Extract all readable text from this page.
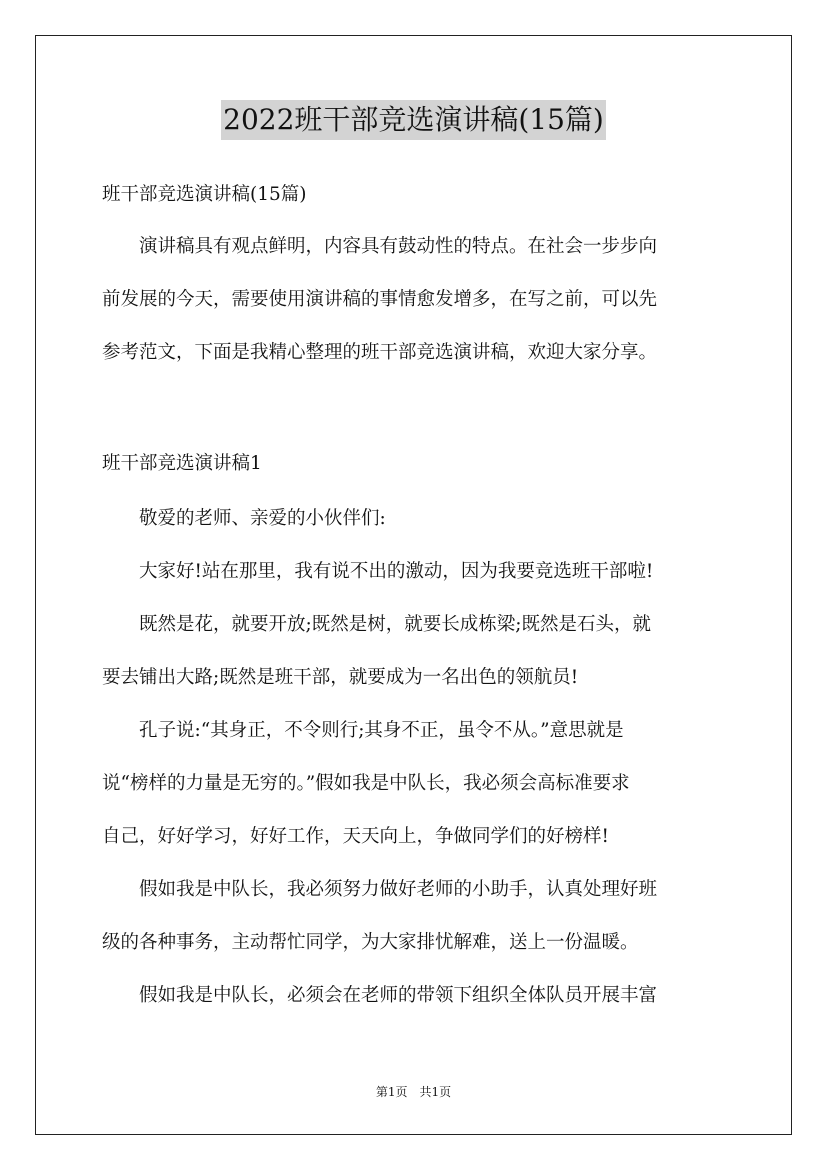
2022班干部竞选演讲稿(15篇)
班干部竞选演讲稿(15篇)
　　演讲稿具有观点鲜明，内容具有鼓动性的特点。在社会一步步向
前发展的今天，需要使用演讲稿的事情愈发增多，在写之前，可以先
参考范文，下面是我精心整理的班干部竞选演讲稿，欢迎大家分享。
班干部竞选演讲稿1
　　敬爱的老师、亲爱的小伙伴们:
　　大家好!站在那里，我有说不出的激动，因为我要竞选班干部啦!
　　既然是花，就要开放;既然是树，就要长成栋梁;既然是石头，就
要去铺出大路;既然是班干部，就要成为一名出色的领航员!
　　孔子说:“其身正，不令则行;其身不正，虽令不从。”意思就是
说“榜样的力量是无穷的。”假如我是中队长，我必须会高标准要求
自己，好好学习，好好工作，天天向上，争做同学们的好榜样!
　　假如我是中队长，我必须努力做好老师的小助手，认真处理好班
级的各种事务，主动帮忙同学，为大家排忧解难，送上一份温暖。
　　假如我是中队长，必须会在老师的带领下组织全体队员开展丰富
第1页　共1页
